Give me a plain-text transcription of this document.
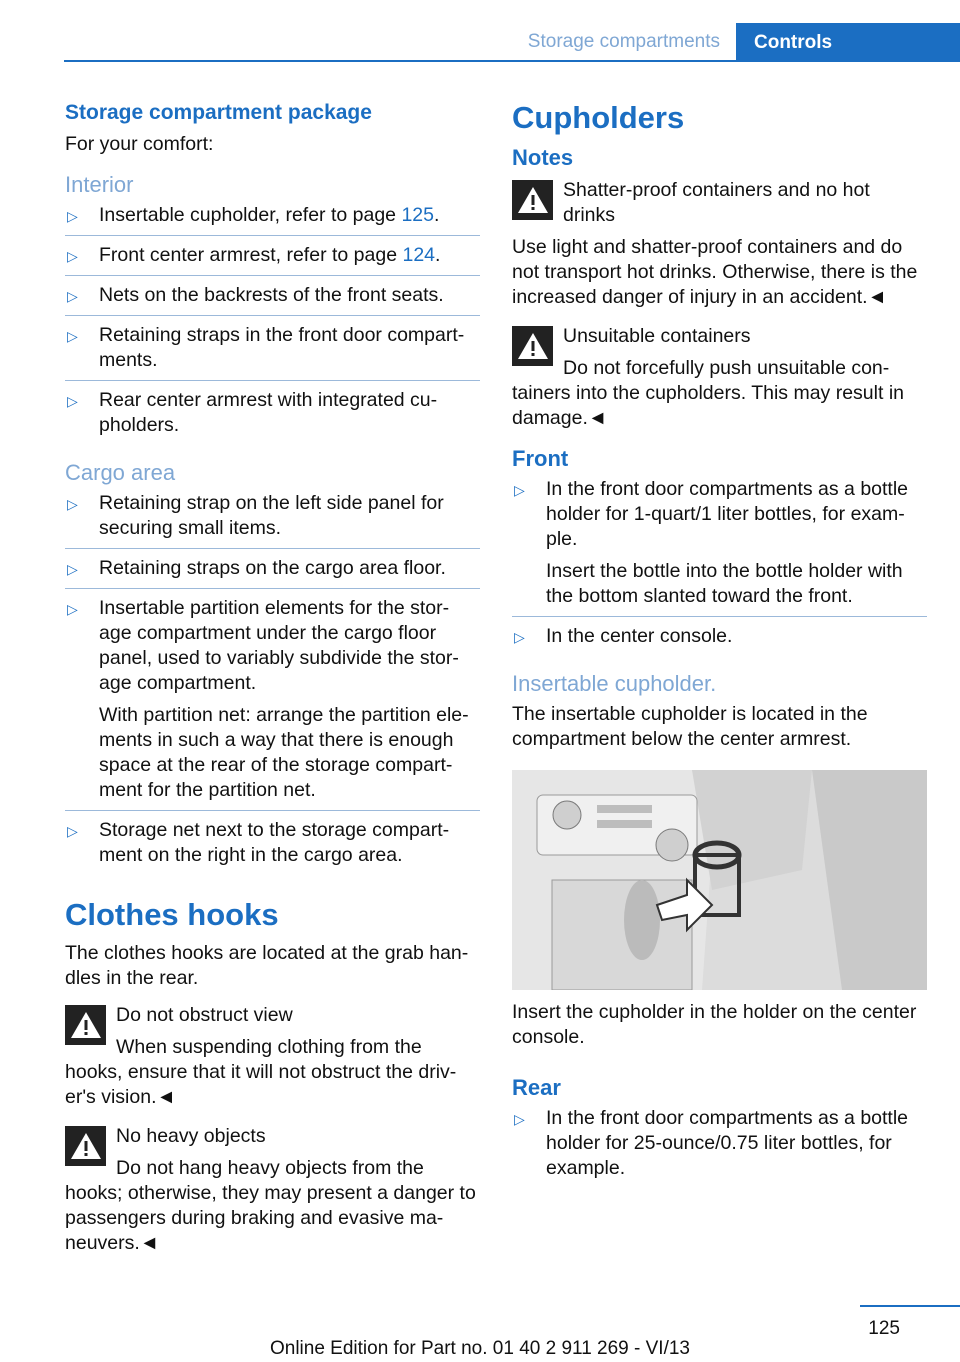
Storage compartments	Controls
Storage compartment package

For your comfort:

Interior
▷ Insertable cupholder, refer to page 125.
▷ Front center armrest, refer to page 124.
▷ Nets on the backrests of the front seats.
▷ Retaining straps in the front door compart-ments.
▷ Rear center armrest with integrated cu-pholders.
Cargo area
▷ Retaining strap on the left side panel for securing small items.
▷ Retaining straps on the cargo area floor.
▷ Insertable partition elements for the stor-age compartment under the cargo floor panel, used to variably subdivide the stor-age compartment.
With partition net: arrange the partition ele-ments in such a way that there is enough space at the rear of the storage compart-ment for the partition net.
▷ Storage net next to the storage compart-ment on the right in the cargo area.
Clothes hooks

The clothes hooks are located at the grab han-dles in the rear.

Do not obstruct view
When suspending clothing from the hooks, ensure that it will not obstruct the driv-er's vision.◄
No heavy objects
Do not hang heavy objects from the hooks; otherwise, they may present a danger to passengers during braking and evasive ma-neuvers.◄
Cupholders
Notes
Shatter-proof containers and no hot drinks
Use light and shatter-proof containers and do not transport hot drinks. Otherwise, there is the increased danger of injury in an accident.◄
Unsuitable containers
Do not forcefully push unsuitable con-tainers into the cupholders. This may result in damage.◄
Front
▷ In the front door compartments as a bottle holder for 1-quart/1 liter bottles, for exam-ple.
Insert the bottle into the bottle holder with the bottom slanted toward the front.
▷ In the center console.
Insertable cupholder.

The insertable cupholder is located in the compartment below the center armrest.

Insert the cupholder in the holder on the center console.

Rear
▷ In the front door compartments as a bottle holder for 25-ounce/0.75 liter bottles, for example.
125
Online Edition for Part no. 01 40 2 911 269 - VI/13
